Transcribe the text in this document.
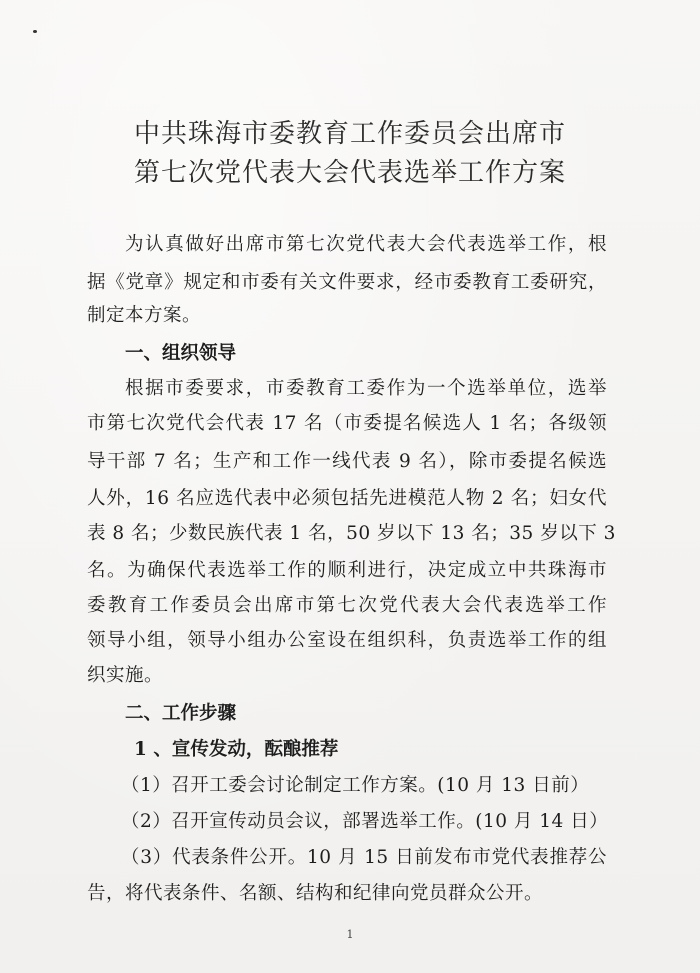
中共珠海市委教育工作委员会出席市
第七次党代表大会代表选举工作方案

为认真做好出席市第七次党代表大会代表选举工作，根

据《党章》规定和市委有关文件要求，经市委教育工委研究，

制定本方案。

一、组织领导

根据市委要求，市委教育工委作为一个选举单位，选举

市第七次党代会代表 17 名（市委提名候选人 1 名；各级领

导干部 7 名；生产和工作一线代表 9 名），除市委提名候选

人外，16 名应选代表中必须包括先进模范人物 2 名；妇女代

表 8 名；少数民族代表 1 名，50 岁以下 13 名；35 岁以下 3

名。为确保代表选举工作的顺利进行，决定成立中共珠海市

委教育工作委员会出席市第七次党代表大会代表选举工作

领导小组，领导小组办公室设在组织科，负责选举工作的组

织实施。

二、工作步骤
1 、宣传发动，酝酿推荐

（1）召开工委会讨论制定工作方案。(10 月 13 日前）

（2）召开宣传动员会议，部署选举工作。(10 月 14 日）

（3）代表条件公开。10 月 15 日前发布市党代表推荐公

告，将代表条件、名额、结构和纪律向党员群众公开。

1
